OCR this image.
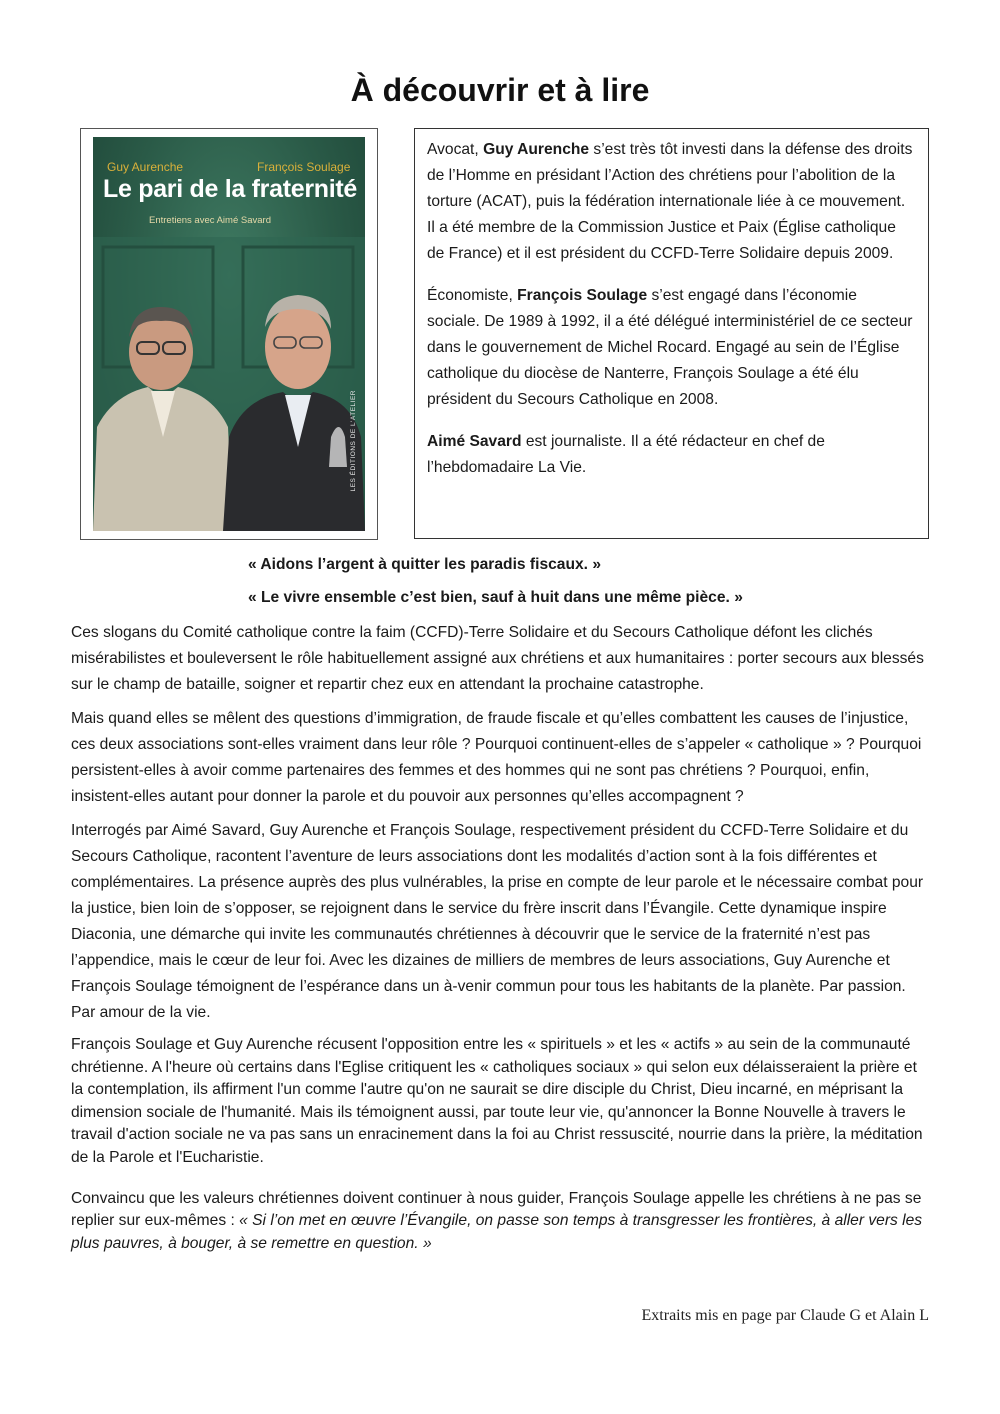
À découvrir et à lire
Guy Aurenche	François Soulage
Le pari de la fraternité
Entretiens avec Aimé Savard
LES ÉDITIONS DE L'ATELIER

Avocat, Guy Aurenche s’est très tôt investi dans la défense des droits de l’Homme en présidant l’Action des chrétiens pour l’abolition de la torture (ACAT), puis la fédération internationale liée à ce mouvement. Il a été membre de la Commission Justice et Paix (Église catholique de France) et il est président du CCFD-Terre Solidaire depuis 2009.

Économiste, François Soulage s’est engagé dans l’économie sociale. De 1989 à 1992, il a été délégué interministériel de ce secteur dans le gouvernement de Michel Rocard. Engagé au sein de l’Église catholique du diocèse de Nanterre, François Soulage a été élu président du Secours Catholique en 2008.

Aimé Savard est journaliste. Il a été rédacteur en chef de l’hebdomadaire La Vie.

« Aidons l’argent à quitter les paradis fiscaux. »
« Le vivre ensemble c’est bien, sauf à huit dans une même pièce. »

Ces slogans du Comité catholique contre la faim (CCFD)-Terre Solidaire et du Secours Catholique défont les clichés misérabilistes et bouleversent le rôle habituellement assigné aux chrétiens et aux humanitaires : porter secours aux blessés sur le champ de bataille, soigner et repartir chez eux en attendant la prochaine catastrophe.

Mais quand elles se mêlent des questions d’immigration, de fraude fiscale et qu’elles combattent les causes de l’injustice, ces deux associations sont-elles vraiment dans leur rôle ? Pourquoi continuent-elles de s’appeler « catholique » ? Pourquoi persistent-elles à avoir comme partenaires des femmes et des hommes qui ne sont pas chrétiens ? Pourquoi, enfin, insistent-elles autant pour donner la parole et du pouvoir aux personnes qu’elles accompagnent ?

Interrogés par Aimé Savard, Guy Aurenche et François Soulage, respectivement président du CCFD-Terre Solidaire et du Secours Catholique, racontent l’aventure de leurs associations dont les modalités d’action sont à la fois différentes et complémentaires. La présence auprès des plus vulnérables, la prise en compte de leur parole et le nécessaire combat pour la justice, bien loin de s’opposer, se rejoignent dans le service du frère inscrit dans l’Évangile. Cette dynamique inspire Diaconia, une démarche qui invite les communautés chrétiennes à découvrir que le service de la fraternité n’est pas l’appendice, mais le cœur de leur foi. Avec les dizaines de milliers de membres de leurs associations, Guy Aurenche et François Soulage témoignent de l’espérance dans un à-venir commun pour tous les habitants de la planète. Par passion. Par amour de la vie.

François Soulage et Guy Aurenche récusent l'opposition entre les « spirituels » et les « actifs » au sein de la communauté chrétienne. A l'heure où certains dans l'Eglise critiquent les « catholiques sociaux » qui selon eux délaisseraient la prière et la contemplation, ils affirment l'un comme l'autre qu'on ne saurait se dire disciple du Christ, Dieu incarné, en méprisant la dimension sociale de l'humanité. Mais ils témoignent aussi, par toute leur vie, qu'annoncer la Bonne Nouvelle à travers le travail d'action sociale ne va pas sans un enracinement dans la foi au Christ ressuscité, nourrie dans la prière, la méditation de la Parole et l'Eucharistie.

Convaincu que les valeurs chrétiennes doivent continuer à nous guider, François Soulage appelle les chrétiens à ne pas se replier sur eux-mêmes : « Si l’on met en œuvre l’Évangile, on passe son temps à transgresser les frontières, à aller vers les plus pauvres, à bouger, à se remettre en question. »

Extraits mis en page par Claude G et Alain L
